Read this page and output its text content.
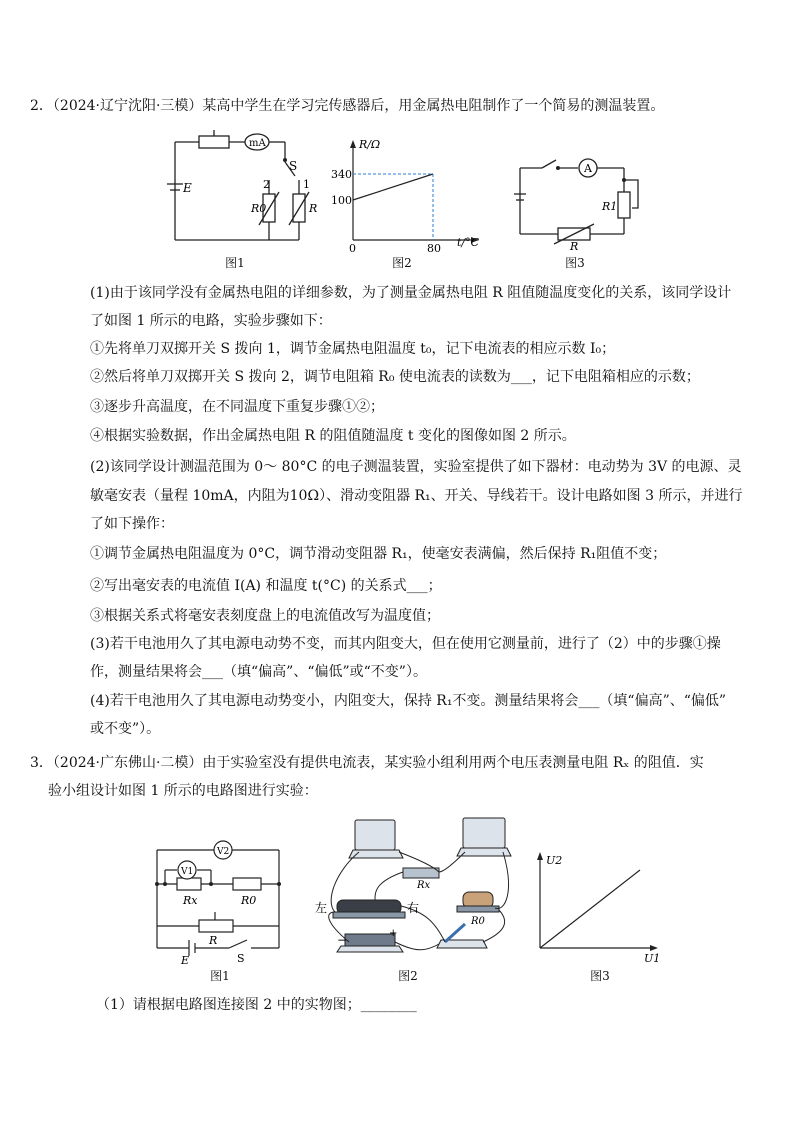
2．（2024·辽宁沈阳·三模）某高中学生在学习完传感器后，用金属热电阻制作了一个简易的测温装置。
mA
S
E
R0	R
2	1
图1
R/Ω
t/°C
340
100
0	80
图2
A
R1
R
图3
(1)由于该同学没有金属热电阻的详细参数，为了测量金属热电阻 R 阻值随温度变化的关系，该同学设计
了如图 1 所示的电路，实验步骤如下：
①先将单刀双掷开关 S 拨向 1，调节金属热电阻温度 t₀，记下电流表的相应示数 I₀；
②然后将单刀双掷开关 S 拨向 2，调节电阻箱 R₀ 使电流表的读数为___，记下电阻箱相应的示数；
③逐步升高温度，在不同温度下重复步骤①②；
④根据实验数据，作出金属热电阻 R 的阻值随温度 t 变化的图像如图 2 所示。
(2)该同学设计测温范围为 0～ 80°C 的电子测温装置，实验室提供了如下器材：电动势为 3V 的电源、灵
敏毫安表（量程 10mA，内阻为10Ω）、滑动变阻器 R₁、开关、导线若干。设计电路如图 3 所示，并进行
了如下操作：
①调节金属热电阻温度为 0°C，调节滑动变阻器 R₁，使毫安表满偏，然后保持 R₁阻值不变；
②写出毫安表的电流值 I(A) 和温度 t(°C) 的关系式___；
③根据关系式将毫安表刻度盘上的电流值改写为温度值；
(3)若干电池用久了其电源电动势不变，而其内阻变大，但在使用它测量前，进行了（2）中的步骤①操
作，测量结果将会___（填“偏高”、“偏低”或“不变”）。
(4)若干电池用久了其电源电动势变小，内阻变大，保持 R₁不变。测量结果将会___（填“偏高”、“偏低”
或不变”）。
3．（2024·广东佛山·二模）由于实验室没有提供电流表，某实验小组利用两个电压表测量电阻 Rₓ 的阻值．实
验小组设计如图 1 所示的电路图进行实验：
V2
V1
Rx	R0
R
E	S
图1
Rx
R0
左	右
−	+
图2
U2
U1
图3
（1）请根据电路图连接图 2 中的实物图；________
